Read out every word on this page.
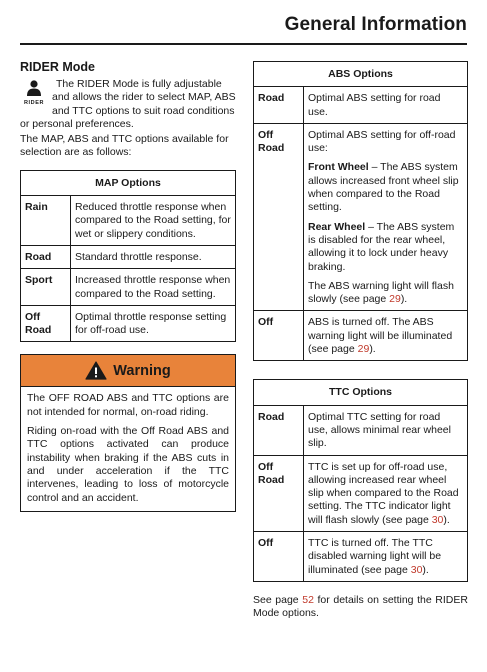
General Information
RIDER Mode
RIDER
The RIDER Mode is fully adjustable and allows the rider to select MAP, ABS and TTC options to suit road conditions or personal preferences.
The MAP, ABS and TTC options available for selection are as follows:
MAP Options	
Rain	Reduced throttle response when compared to the Road setting, for wet or slippery conditions.
Road	Standard throttle response.
Sport	Increased throttle response when compared to the Road setting.
Off Road	Optimal throttle response setting for off-road use.
Warning
The OFF ROAD ABS and TTC options are not intended for normal, on-road riding.
Riding on-road with the Off Road ABS and TTC options activated can produce instability when braking if the ABS cuts in and under acceleration if the TTC intervenes, leading to loss of motorcycle control and an accident.
ABS Options	
Road	Optimal ABS setting for road use.
Off Road	Optimal ABS setting for off-road use:
Front Wheel – The ABS system allows increased front wheel slip when compared to the Road setting.
Rear Wheel – The ABS system is disabled for the rear wheel, allowing it to lock under heavy braking.
The ABS warning light will flash slowly (see page 29).

Off	ABS is turned off. The ABS warning light will be illuminated (see page 29).
TTC Options	
Road	Optimal TTC setting for road use, allows minimal rear wheel slip.
Off Road	TTC is set up for off-road use, allowing increased rear wheel slip when compared to the Road setting. The TTC indicator light will flash slowly (see page 30).
Off	TTC is turned off. The TTC disabled warning light will be illuminated (see page 30).
See page 52 for details on setting the RIDER Mode options.
